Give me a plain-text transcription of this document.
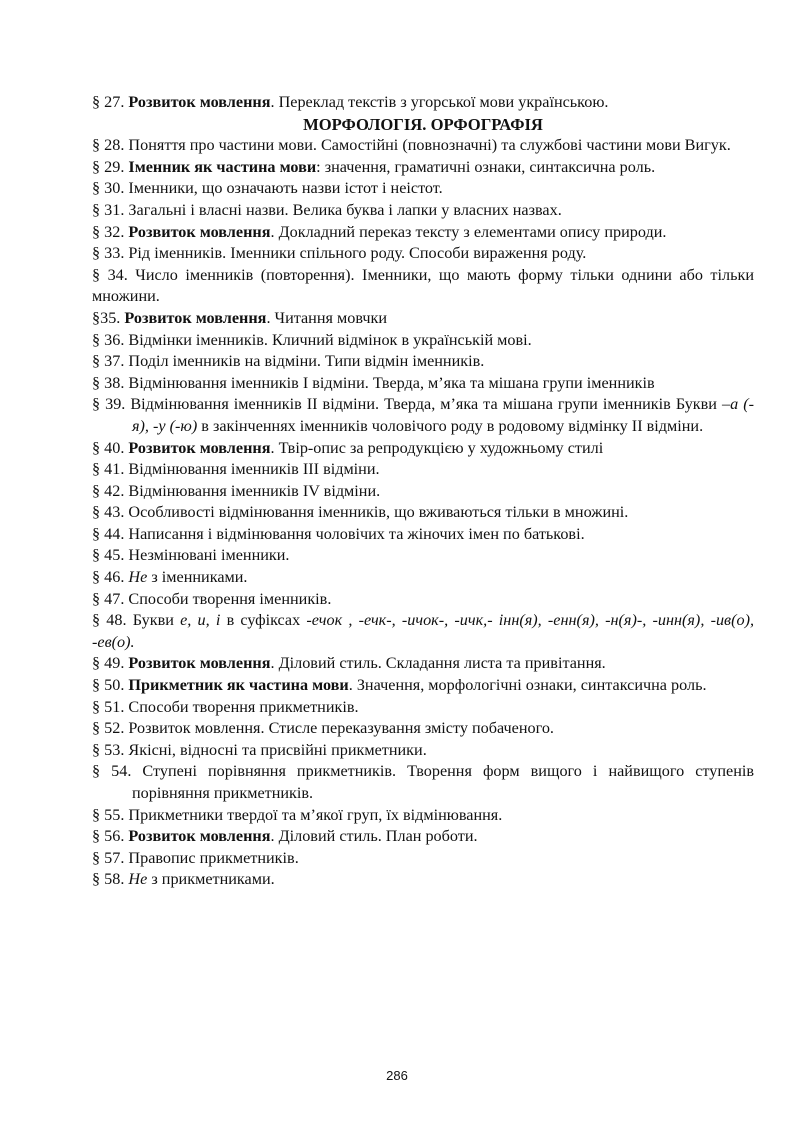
§ 27. Розвиток мовлення. Переклад текстів з угорської мови українською.

МОРФОЛОГІЯ. ОРФОГРАФІЯ

§ 28. Поняття про частини мови. Самостійні (повнозначні) та службові частини мови Вигук.

§ 29. Іменник як частина мови: значення, граматичні ознаки, синтаксична роль.

§ 30. Іменники, що означають назви істот і неістот.

§ 31. Загальні і власні назви. Велика буква і лапки у власних назвах.

§ 32. Розвиток мовлення. Докладний переказ тексту з елементами опису природи.

§ 33. Рід іменників. Іменники спільного роду. Способи вираження роду.

§ 34. Число іменників (повторення). Іменники, що мають форму тільки однини або тільки множини.

§35. Розвиток мовлення. Читання мовчки

§ 36. Відмінки іменників. Кличний відмінок в українській мові.

§ 37. Поділ іменників на відміни. Типи відмін іменників.

§ 38. Відмінювання іменників І відміни. Тверда, м’яка та мішана групи іменників

§ 39. Відмінювання іменників ІІ відміни. Тверда, м’яка та мішана групи іменників Букви –а (-я), -у (-ю) в закінченнях іменників чоловічого роду в родовому відмінку ІІ відміни.

§ 40. Розвиток мовлення. Твір-опис за репродукцією у художньому стилі

§ 41. Відмінювання іменників ІІІ відміни.

§ 42. Відмінювання іменників IV відміни.

§ 43. Особливості відмінювання іменників, що вживаються тільки в множині.

§ 44. Написання і відмінювання чоловічих та жіночих імен по батькові.

§ 45. Незмінювані іменники.

§ 46. Не з іменниками.

§ 47. Способи творення іменників.

§ 48. Букви е, и, і в суфіксах -ечок , -ечк-, -ичок-, -ичк,- інн(я), -енн(я), -н(я)-, -инн(я), -ив(о), -ев(о).

§ 49. Розвиток мовлення. Діловий стиль. Складання листа та привітання.

§ 50. Прикметник як частина мови. Значення, морфологічні ознаки, синтаксична роль.

§ 51. Способи творення прикметників.

§ 52. Розвиток мовлення. Стисле переказування змісту побаченого.

§ 53. Якісні, відносні та присвійні прикметники.

§ 54. Ступені порівняння прикметників. Творення форм вищого і найвищого ступенів порівняння прикметників.

§ 55. Прикметники твердої та м’якої груп, їх відмінювання.

§ 56. Розвиток мовлення. Діловий стиль. План роботи.

§ 57. Правопис прикметників.

§ 58. Не з прикметниками.

286
